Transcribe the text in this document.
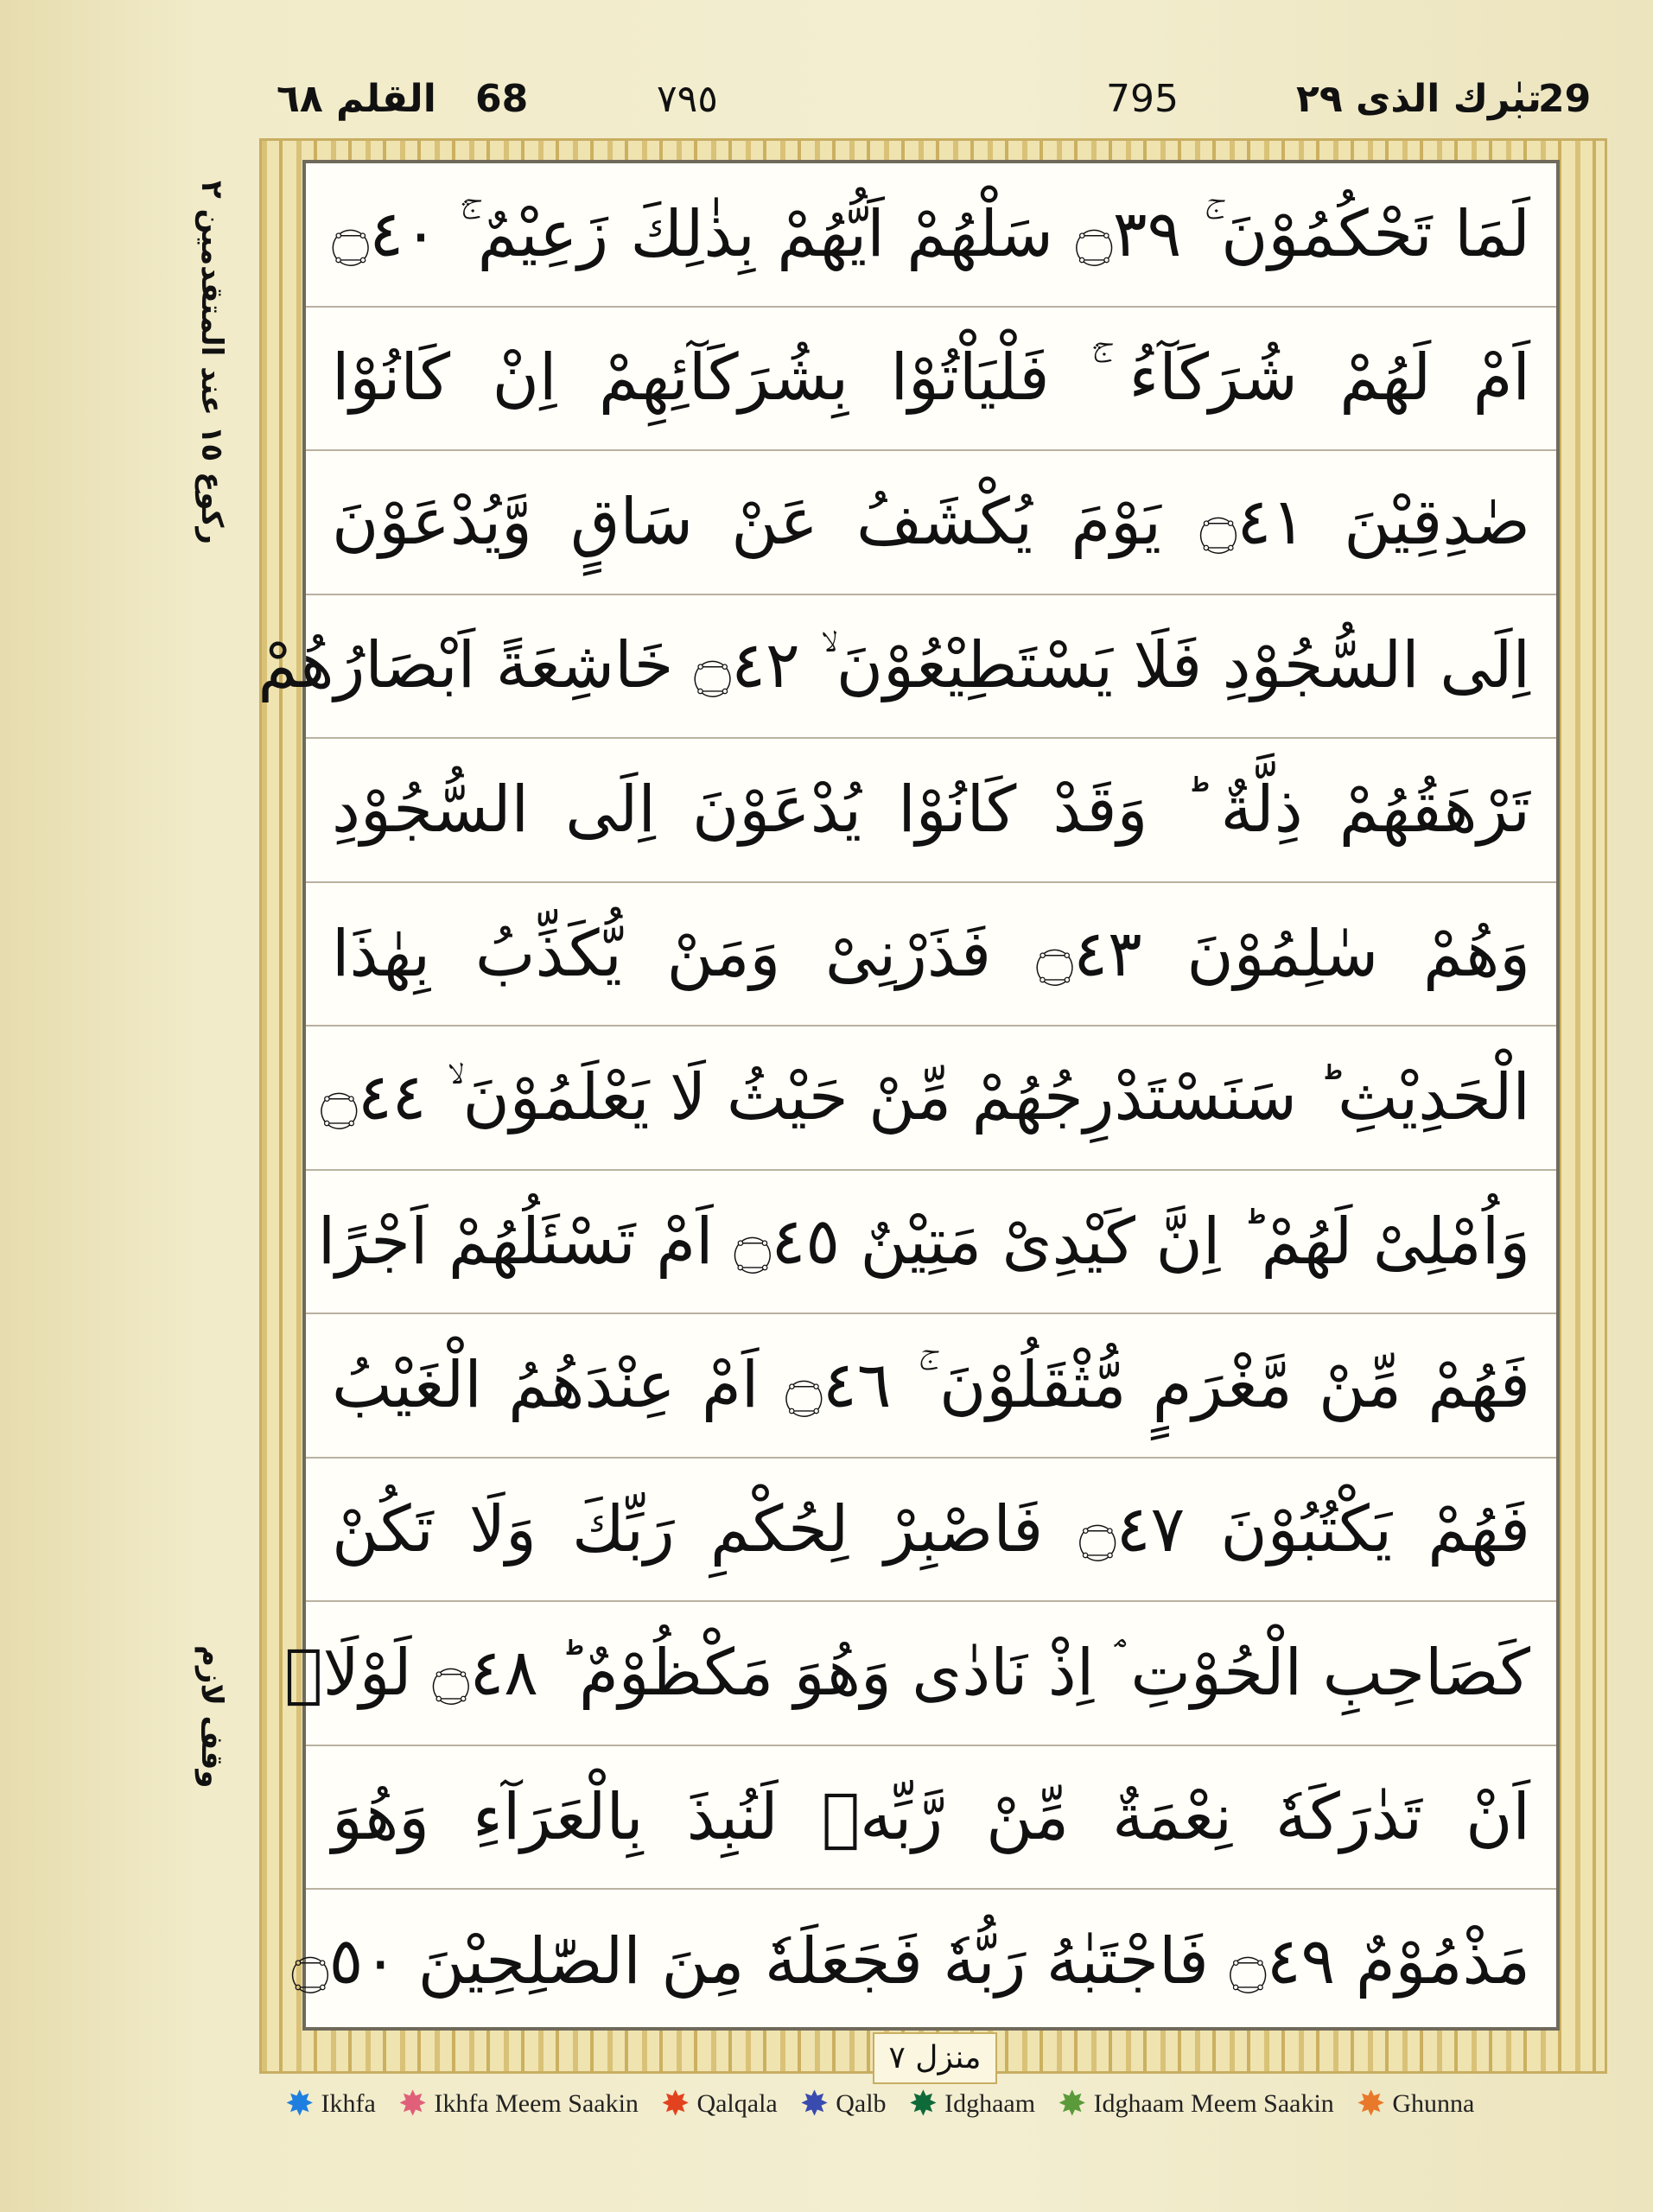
القلم ٦٨ 68	٧٩٥	795	تبٰرك الذى ٢٩
29
ركوع ١٥ عند المتقدمين ٢
وقف لازم
لَمَا تَحْكُمُوْنَ ۚ ۝٣٩ سَلْهُمْ اَيُّهُمْ بِذٰلِكَ زَعِيْمٌ ۚۛ ۝٤٠
اَمْ لَهُمْ شُرَكَآءُ ۚۛ فَلْيَاْتُوْا بِشُرَكَآئِهِمْ اِنْ كَانُوْا
صٰدِقِيْنَ ۝٤١ يَوْمَ يُكْشَفُ عَنْ سَاقٍ وَّيُدْعَوْنَ
اِلَى السُّجُوْدِ فَلَا يَسْتَطِيْعُوْنَ ۙ ۝٤٢ خَاشِعَةً اَبْصَارُهُمْ
تَرْهَقُهُمْ ذِلَّةٌ ؕ وَقَدْ كَانُوْا يُدْعَوْنَ اِلَى السُّجُوْدِ
وَهُمْ سٰلِمُوْنَ ۝٤٣ فَذَرْنِىْ وَمَنْ يُّكَذِّبُ بِهٰذَا
الْحَدِيْثِ ؕ سَنَسْتَدْرِجُهُمْ مِّنْ حَيْثُ لَا يَعْلَمُوْنَ ۙ ۝٤٤
وَاُمْلِىْ لَهُمْ ؕ اِنَّ كَيْدِىْ مَتِيْنٌ ۝٤٥ اَمْ تَسْئَلُهُمْ اَجْرًا
فَهُمْ مِّنْ مَّغْرَمٍ مُّثْقَلُوْنَ ۚ ۝٤٦ اَمْ عِنْدَهُمُ الْغَيْبُ
فَهُمْ يَكْتُبُوْنَ ۝٤٧ فَاصْبِرْ لِحُكْمِ رَبِّكَ وَلَا تَكُنْ
كَصَاحِبِ الْحُوْتِ ۘ اِذْ نَادٰى وَهُوَ مَكْظُوْمٌ ؕ ۝٤٨ لَوْلَاۤ
اَنْ تَدٰرَكَهٗ نِعْمَةٌ مِّنْ رَّبِّهٖ لَنُبِذَ بِالْعَرَآءِ وَهُوَ
مَذْمُوْمٌ ۝٤٩ فَاجْتَبٰهُ رَبُّهٗ فَجَعَلَهٗ مِنَ الصّٰلِحِيْنَ ۝٥٠
منزل ٧
✸ Ikhfa ✸ Ikhfa Meem Saakin ✸ Qalqala ✸ Qalb ✸ Idghaam ✸ Idghaam Meem Saakin ✸ Ghunna
